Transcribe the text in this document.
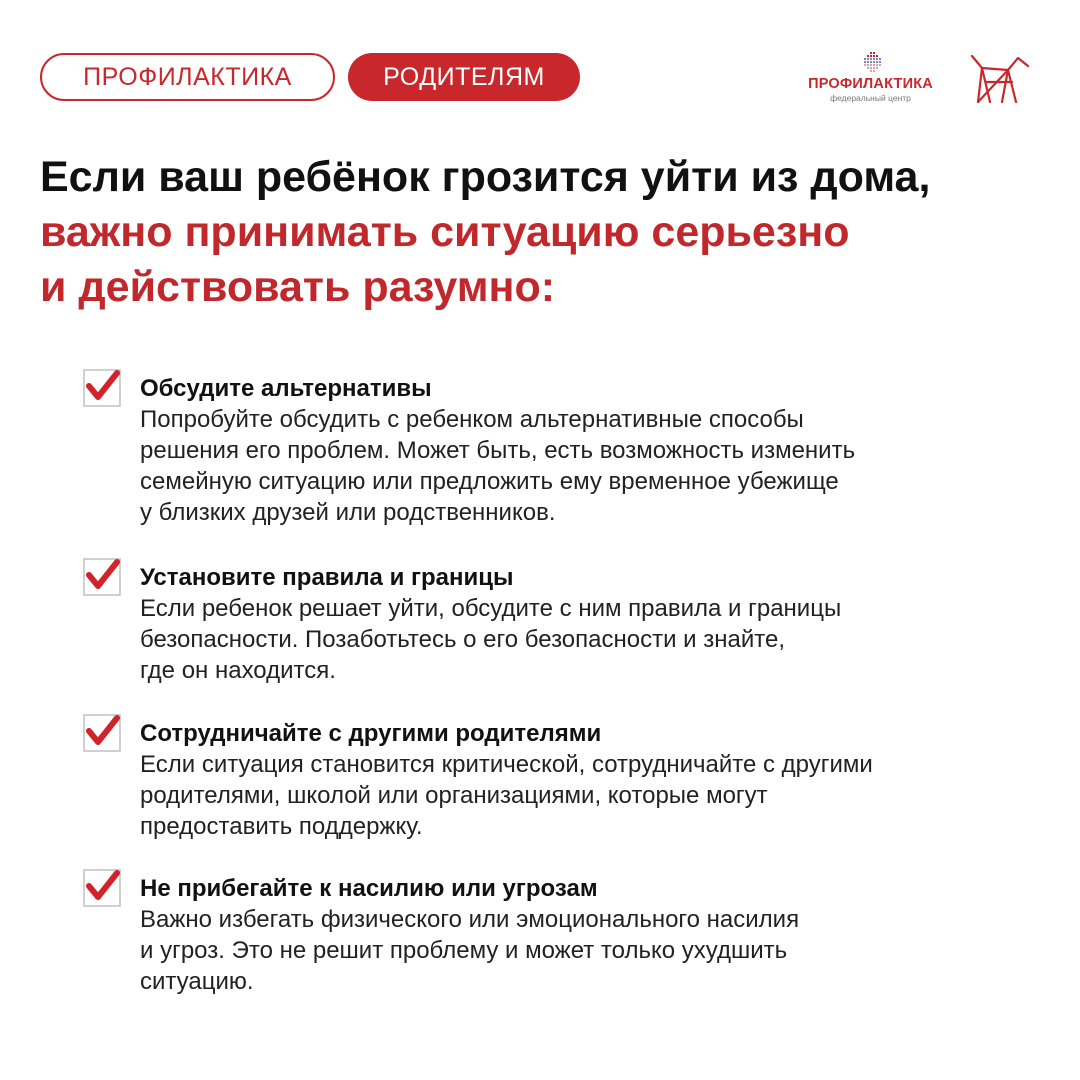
ПРОФИЛАКТИКА	РОДИТЕЛЯМ	ПРОФИЛАКТИКА
федеральный центр
Если ваш ребёнок грозится уйти из дома,
важно принимать ситуацию серьезно
и действовать разумно:

Обсудите альтернативы

Попробуйте обсудить с ребенком альтернативные способы
решения его проблем. Может быть, есть возможность изменить
семейную ситуацию или предложить ему временное убежище
у близких друзей или родственников.

Установите правила и границы

Если ребенок решает уйти, обсудите с ним правила и границы
безопасности. Позаботьтесь о его безопасности и знайте,
где он находится.

Сотрудничайте с другими родителями

Если ситуация становится критической, сотрудничайте с другими
родителями, школой или организациями, которые могут
предоставить поддержку.

Не прибегайте к насилию или угрозам

Важно избегать физического или эмоционального насилия
и угроз. Это не решит проблему и может только ухудшить
ситуацию.
